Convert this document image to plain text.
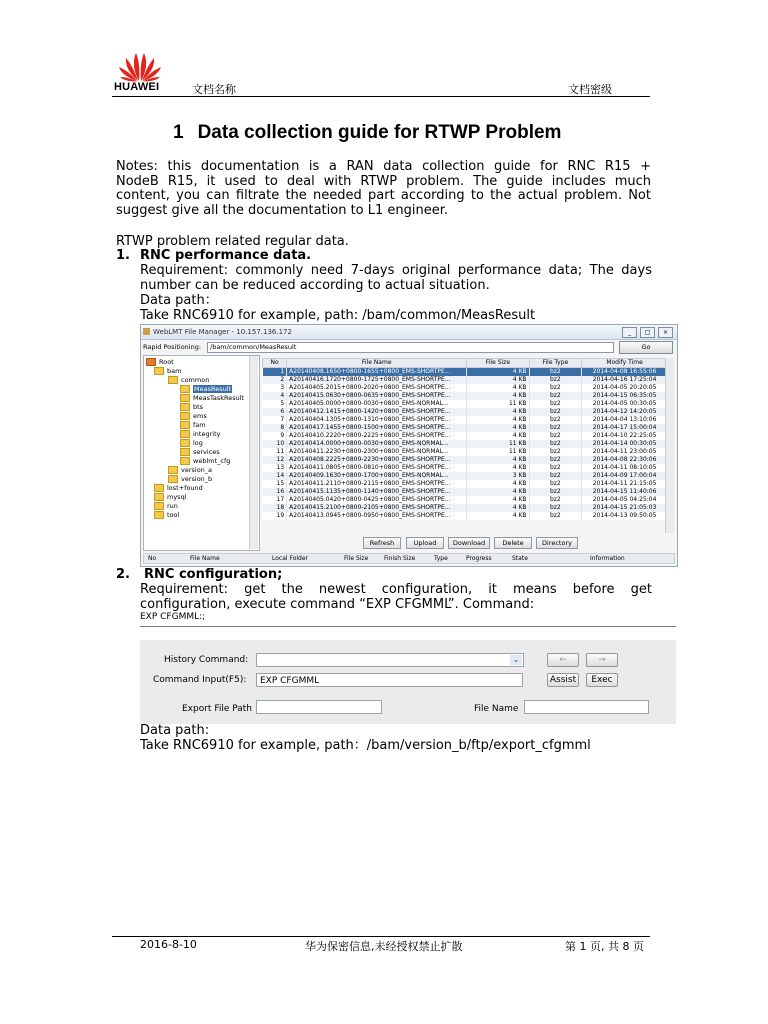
HUAWEI	文档名称	文档密级
1 Data collection guide for RTWP Problem
Notes: this documentation is a RAN data collection guide for RNC R15 +
NodeB R15, it used to deal with RTWP problem. The guide includes much
content, you can filtrate the needed part according to the actual problem. Not
suggest give all the documentation to L1 engineer.
RTWP problem related regular data.
1. RNC performance data.
Requirement: commonly need 7-days original performance data; The days
number can be reduced according to actual situation.
Data path：
Take RNC6910 for example, path: /bam/common/MeasResult
WebLMT File Manager - 10.157.136.172	_	□	×
Rapid Positioning:	/bam/common/MeasResult	Go
Root
bam
common
MeasResult
MeasTaskResult
bts
ems
fam
integrity
log
services
weblmt_cfg
version_a
version_b
lost+found
mysql
run
tool
No	File Name	File Size	File Type	Modify Time
1	A20140408.1650+0800-1655+0800_EMS-SHORTPE...	4 KB	bz2	2014-04-08 16:55:06
2	A20140416.1720+0800-1725+0800_EMS-SHORTPE...	4 KB	bz2	2014-04-16 17:25:04
3	A20140405.2015+0800-2020+0800_EMS-SHORTPE...	4 KB	bz2	2014-04-05 20:20:05
4	A20140415.0630+0800-0635+0800_EMS-SHORTPE...	4 KB	bz2	2014-04-15 06:35:05
5	A20140405.0000+0800-0030+0800_EMS-NORMAL...	11 KB	bz2	2014-04-05 00:30:05
6	A20140412.1415+0800-1420+0800_EMS-SHORTPE...	4 KB	bz2	2014-04-12 14:20:05
7	A20140404.1305+0800-1310+0800_EMS-SHORTPE...	4 KB	bz2	2014-04-04 13:10:06
8	A20140417.1455+0800-1500+0800_EMS-SHORTPE...	4 KB	bz2	2014-04-17 15:00:04
9	A20140410.2220+0800-2225+0800_EMS-SHORTPE...	4 KB	bz2	2014-04-10 22:25:05
10	A20140414.0000+0800-0030+0800_EMS-NORMAL...	11 KB	bz2	2014-04-14 00:30:05
11	A20140411.2230+0800-2300+0800_EMS-NORMAL...	11 KB	bz2	2014-04-11 23:00:05
12	A20140408.2225+0800-2230+0800_EMS-SHORTPE...	4 KB	bz2	2014-04-08 22:30:06
13	A20140411.0805+0800-0810+0800_EMS-SHORTPE...	4 KB	bz2	2014-04-11 08:10:05
14	A20140409.1630+0800-1700+0800_EMS-NORMAL...	3 KB	bz2	2014-04-09 17:00:04
15	A20140411.2110+0800-2115+0800_EMS-SHORTPE...	4 KB	bz2	2014-04-11 21:15:05
16	A20140415.1135+0800-1140+0800_EMS-SHORTPE...	4 KB	bz2	2014-04-15 11:40:06
17	A20140405.0420+0800-0425+0800_EMS-SHORTPE...	4 KB	bz2	2014-04-05 04:25:04
18	A20140415.2100+0800-2105+0800_EMS-SHORTPE...	4 KB	bz2	2014-04-15 21:05:03
19	A20140413.0945+0800-0950+0800_EMS-SHORTPE...	4 KB	bz2	2014-04-13 09:50:05
Refresh	Upload	Download	Delete	Directory
No	File Name	Local Folder	File Size	Finish Size	Type	Progress	State	Information
2. RNC configuration;
Requirement: get the newest configuration, it means before get
configuration, execute command “EXP CFGMML”. Command:
EXP CFGMML:;
History Command:	⌄	←	→
Command Input(F5):	EXP CFGMML	Assist	Exec
Export File Path	File Name
Data path:
Take RNC6910 for example, path：/bam/version_b/ftp/export_cfgmml
2016-8-10	华为保密信息,未经授权禁止扩散	第 1 页, 共 8 页
